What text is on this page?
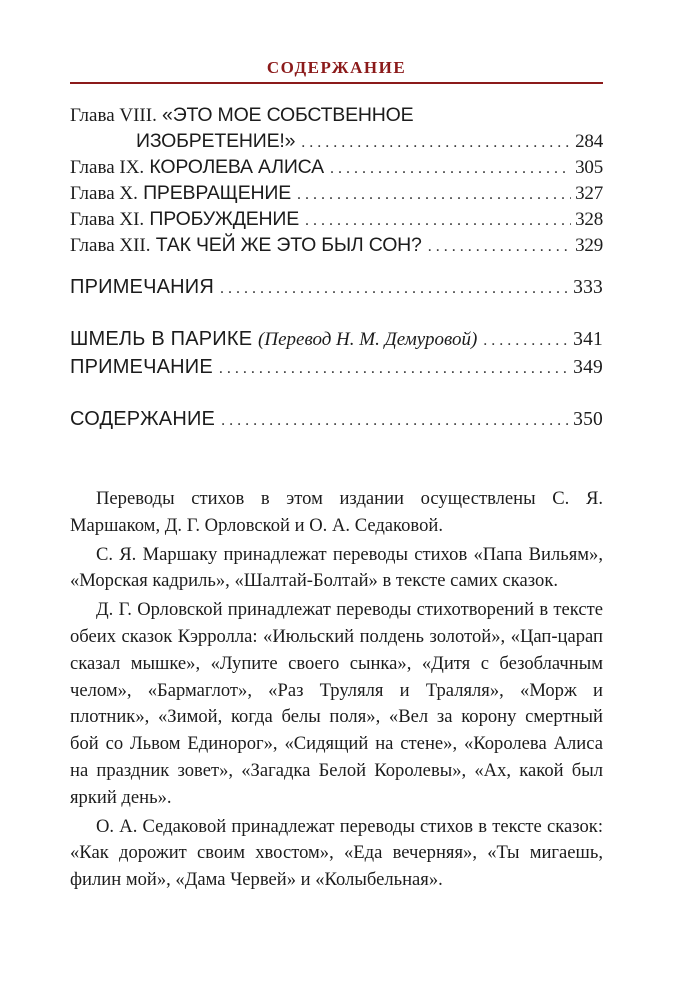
СОДЕРЖАНИЕ
Глава VIII. «ЭТО МОЕ СОБСТВЕННОЕ
ИЗОБРЕТЕНИЕ!» . . .	284
Глава IX. КОРОЛЕВА АЛИСА . . .	305
Глава X. ПРЕВРАЩЕНИЕ . . .	327
Глава XI. ПРОБУЖДЕНИЕ . . .	328
Глава XII. ТАК ЧЕЙ ЖЕ ЭТО БЫЛ СОН? . . .	329
ПРИМЕЧАНИЯ . . .	333
ШМЕЛЬ В ПАРИКЕ (Перевод Н. М. Демуровой) . . .	341
ПРИМЕЧАНИЕ . . .	349
СОДЕРЖАНИЕ . . .	350

Переводы стихов в этом издании осуществлены С. Я. Маршаком, Д. Г. Орловской и О. А. Седаковой.

С. Я. Маршаку принадлежат переводы стихов «Папа Вильям», «Морская кадриль», «Шалтай-Болтай» в тексте самих сказок.

Д. Г. Орловской принадлежат переводы стихотворений в тексте обеих сказок Кэрролла: «Июльский полдень золотой», «Цап-царап сказал мышке», «Лупите своего сынка», «Дитя с безоблачным челом», «Бармаглот», «Раз Труляля и Траляля», «Морж и плотник», «Зимой, когда белы поля», «Вел за корону смертный бой со Львом Единорог», «Сидящий на стене», «Королева Алиса на праздник зовет», «Загадка Белой Королевы», «Ах, какой был яркий день».

О. А. Седаковой принадлежат переводы стихов в тексте сказок: «Как дорожит своим хвостом», «Еда вечерняя», «Ты мигаешь, филин мой», «Дама Червей» и «Колыбельная».
